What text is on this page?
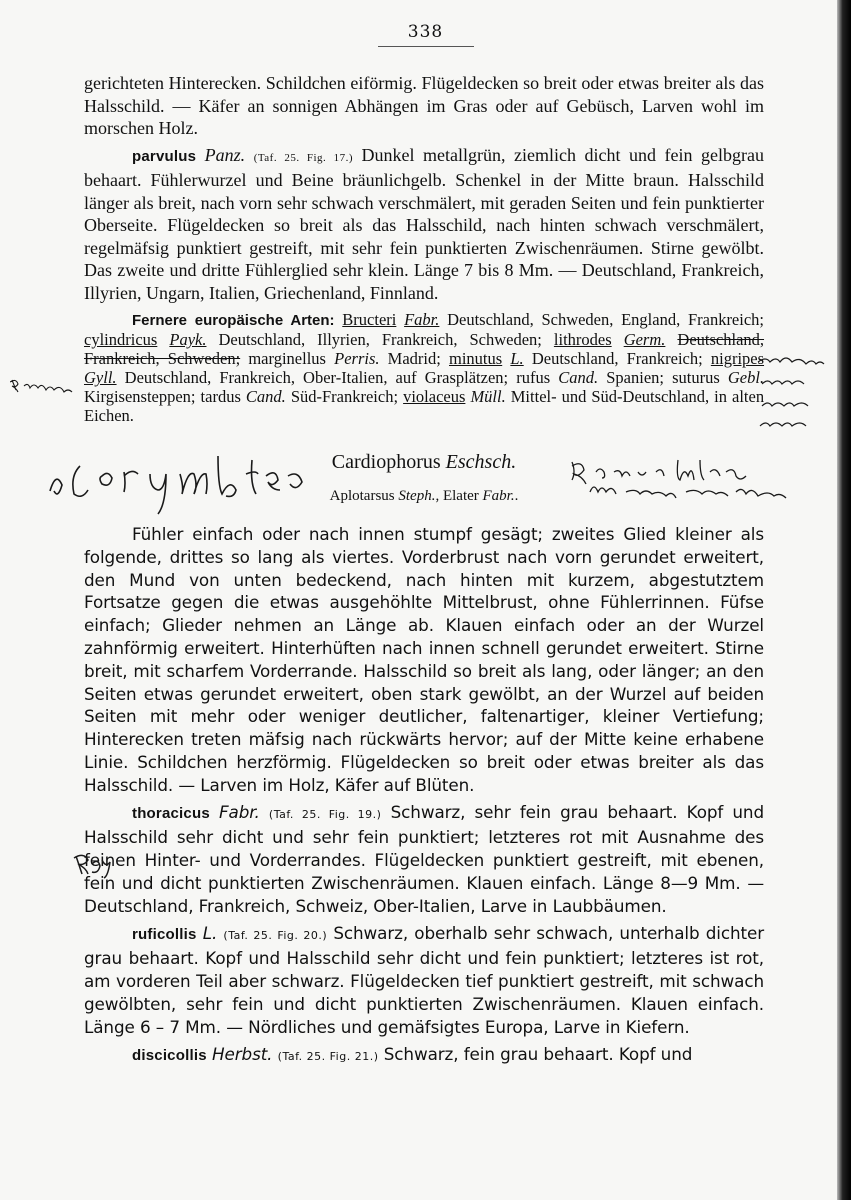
338

gerichteten Hinterecken. Schildchen eiförmig. Flügeldecken so breit oder etwas breiter als das Halsschild. — Käfer an sonnigen Abhängen im Gras oder auf Gebüsch, Larven wohl im morschen Holz.

parvulus Panz. (Taf. 25. Fig. 17.) Dunkel metallgrün, ziemlich dicht und fein gelbgrau behaart. Fühlerwurzel und Beine bräunlichgelb. Schenkel in der Mitte braun. Halsschild länger als breit, nach vorn sehr schwach verschmälert, mit geraden Seiten und fein punktierter Oberseite. Flügeldecken so breit als das Halsschild, nach hinten schwach verschmälert, regelmäfsig punktiert gestreift, mit sehr fein punktierten Zwischenräumen. Stirne gewölbt. Das zweite und dritte Fühlerglied sehr klein. Länge 7 bis 8 Mm. — Deutschland, Frankreich, Illyrien, Ungarn, Italien, Griechenland, Finnland.

Fernere europäische Arten: Bructeri Fabr. Deutschland, Schweden, England, Frankreich; cylindricus Payk. Deutschland, Illyrien, Frankreich, Schweden; lithrodes Germ. Deutschland, Frankreich, Schweden; marginellus Perris. Madrid; minutus L. Deutschland, Frankreich; nigripes Gyll. Deutschland, Frankreich, Ober-Italien, auf Grasplätzen; rufus Cand. Spanien; suturus Gebl. Kirgisensteppen; tardus Cand. Süd-Frankreich; violaceus Müll. Mittel- und Süd-Deutschland, in alten Eichen.

Cardiophorus Eschsch.
Aplotarsus Steph., Elater Fabr..

Fühler einfach oder nach innen stumpf gesägt; zweites Glied kleiner als folgende, drittes so lang als viertes. Vorderbrust nach vorn gerundet erweitert, den Mund von unten bedeckend, nach hinten mit kurzem, abgestutztem Fortsatze gegen die etwas ausgehöhlte Mittelbrust, ohne Fühlerrinnen. Füfse einfach; Glieder nehmen an Länge ab. Klauen einfach oder an der Wurzel zahnförmig erweitert. Hinterhüften nach innen schnell gerundet erweitert. Stirne breit, mit scharfem Vorderrande. Halsschild so breit als lang, oder länger; an den Seiten etwas gerundet erweitert, oben stark gewölbt, an der Wurzel auf beiden Seiten mit mehr oder weniger deutlicher, faltenartiger, kleiner Vertiefung; Hinterecken treten mäfsig nach rückwärts hervor; auf der Mitte keine erhabene Linie. Schildchen herzförmig. Flügeldecken so breit oder etwas breiter als das Halsschild. — Larven im Holz, Käfer auf Blüten.

thoracicus Fabr. (Taf. 25. Fig. 19.) Schwarz, sehr fein grau behaart. Kopf und Halsschild sehr dicht und sehr fein punktiert; letzteres rot mit Ausnahme des feinen Hinter- und Vorderrandes. Flügeldecken punktiert gestreift, mit ebenen, fein und dicht punktierten Zwischenräumen. Klauen einfach. Länge 8—9 Mm. — Deutschland, Frankreich, Schweiz, Ober-Italien, Larve in Laubbäumen.

ruficollis L. (Taf. 25. Fig. 20.) Schwarz, oberhalb sehr schwach, unterhalb dichter grau behaart. Kopf und Halsschild sehr dicht und fein punktiert; letzteres ist rot, am vorderen Teil aber schwarz. Flügeldecken tief punktiert gestreift, mit schwach gewölbten, sehr fein und dicht punktierten Zwischenräumen. Klauen einfach. Länge 6 – 7 Mm. — Nördliches und gemäfsigtes Europa, Larve in Kiefern.

discicollis Herbst. (Taf. 25. Fig. 21.) Schwarz, fein grau behaart. Kopf und
